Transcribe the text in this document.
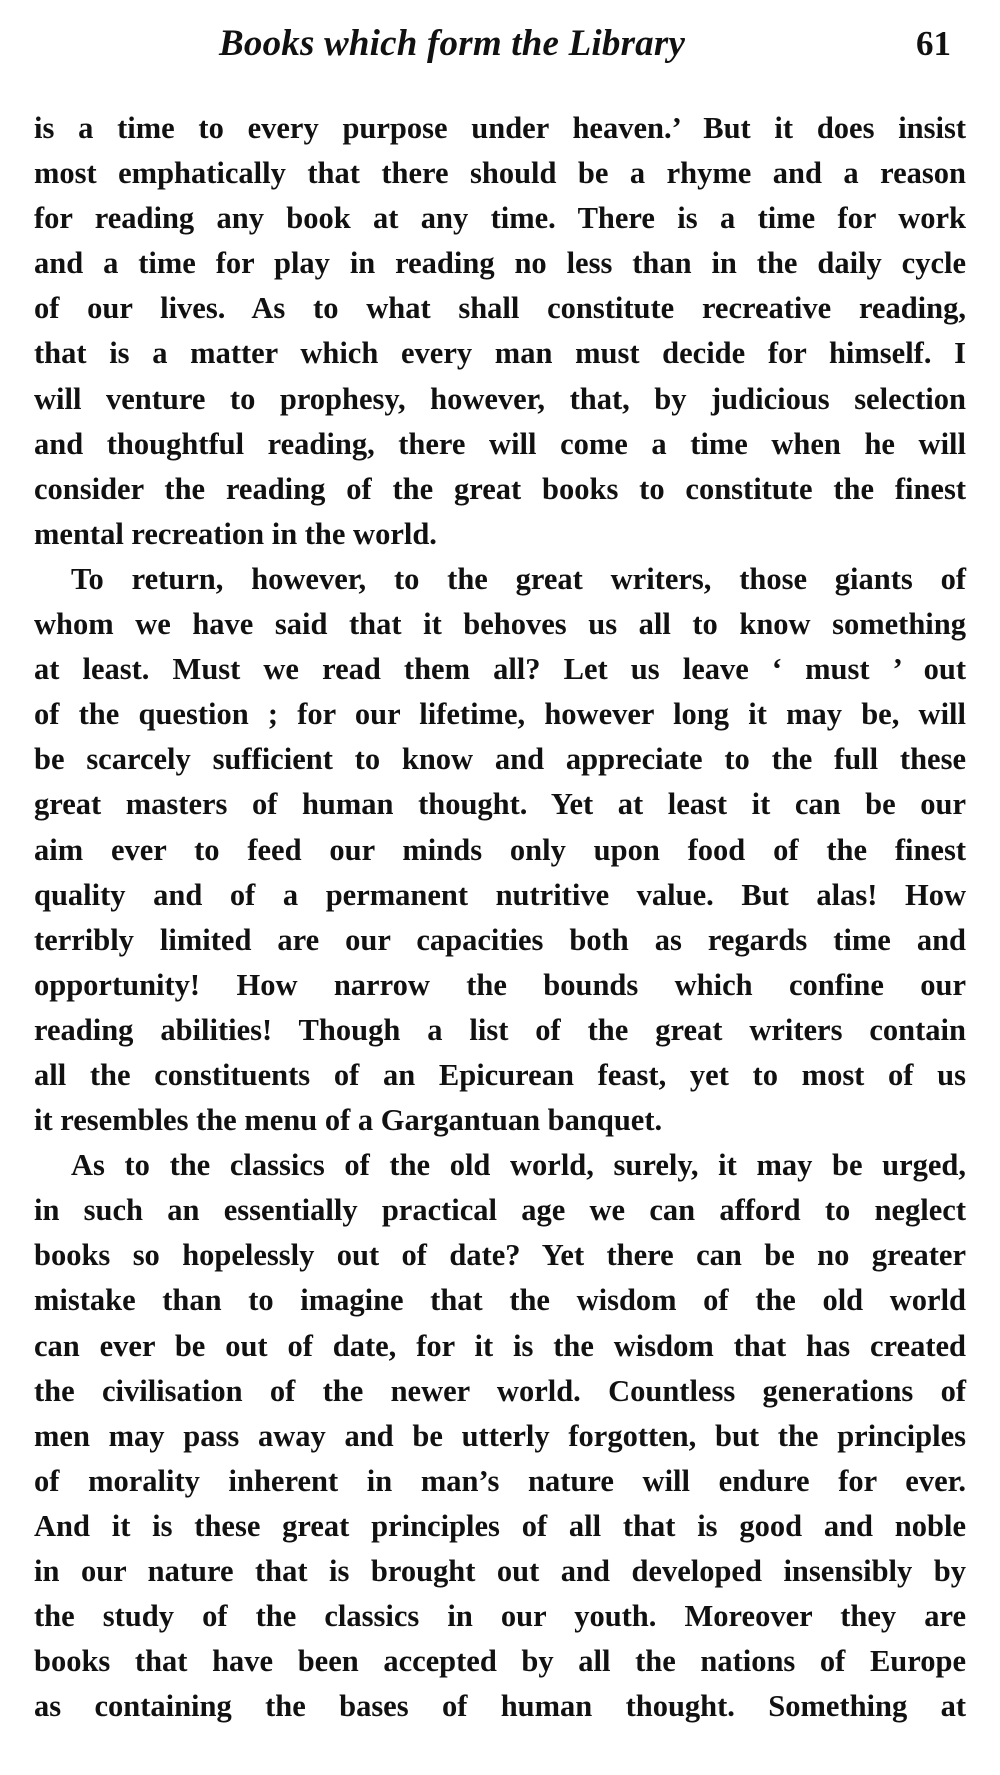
Books which form the Library	61
is a time to every purpose under heaven.’ But it does insist
most emphatically that there should be a rhyme and a reason
for reading any book at any time. There is a time for work
and a time for play in reading no less than in the daily cycle
of our lives. As to what shall constitute recreative reading,
that is a matter which every man must decide for himself. I
will venture to prophesy, however, that, by judicious selection
and thoughtful reading, there will come a time when he will
consider the reading of the great books to constitute the finest
mental recreation in the world.
To return, however, to the great writers, those giants of
whom we have said that it behoves us all to know something
at least. Must we read them all? Let us leave ‘ must ’ out
of the question ; for our lifetime, however long it may be, will
be scarcely sufficient to know and appreciate to the full these
great masters of human thought. Yet at least it can be our
aim ever to feed our minds only upon food of the finest
quality and of a permanent nutritive value. But alas! How
terribly limited are our capacities both as regards time and
opportunity! How narrow the bounds which confine our
reading abilities! Though a list of the great writers contain
all the constituents of an Epicurean feast, yet to most of us
it resembles the menu of a Gargantuan banquet.
As to the classics of the old world, surely, it may be urged,
in such an essentially practical age we can afford to neglect
books so hopelessly out of date? Yet there can be no greater
mistake than to imagine that the wisdom of the old world
can ever be out of date, for it is the wisdom that has created
the civilisation of the newer world. Countless generations of
men may pass away and be utterly forgotten, but the principles
of morality inherent in man’s nature will endure for ever.
And it is these great principles of all that is good and noble
in our nature that is brought out and developed insensibly by
the study of the classics in our youth. Moreover they are
books that have been accepted by all the nations of Europe
as containing the bases of human thought. Something at
